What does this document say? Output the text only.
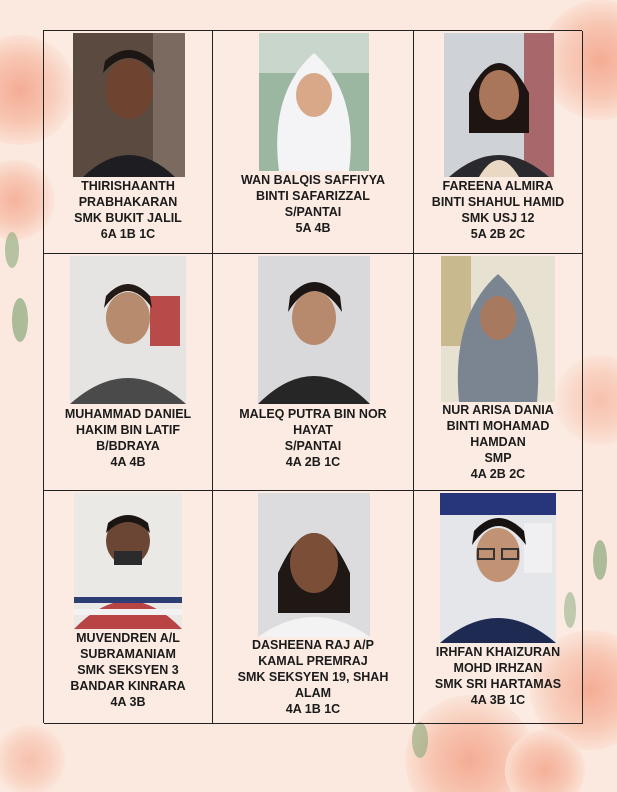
THIRISHAANTH
PRABHAKARAN
SMK BUKIT JALIL
6A 1B 1C
WAN BALQIS SAFFIYYA
BINTI SAFARIZZAL
S/PANTAI
5A 4B
FAREENA ALMIRA
BINTI SHAHUL HAMID
SMK USJ 12
5A 2B 2C
MUHAMMAD DANIEL
HAKIM BIN LATIF
B/BDRAYA
4A 4B
MALEQ PUTRA BIN NOR
HAYAT
S/PANTAI
4A 2B 1C
NUR ARISA DANIA
BINTI MOHAMAD
HAMDAN
SMP
4A 2B 2C
MUVENDREN A/L
SUBRAMANIAM
SMK SEKSYEN 3
BANDAR KINRARA
4A 3B
DASHEENA RAJ A/P
KAMAL PREMRAJ
SMK SEKSYEN 19, SHAH
ALAM
4A 1B 1C
IRHFAN KHAIZURAN
MOHD IRHZAN
SMK SRI HARTAMAS
4A 3B 1C
